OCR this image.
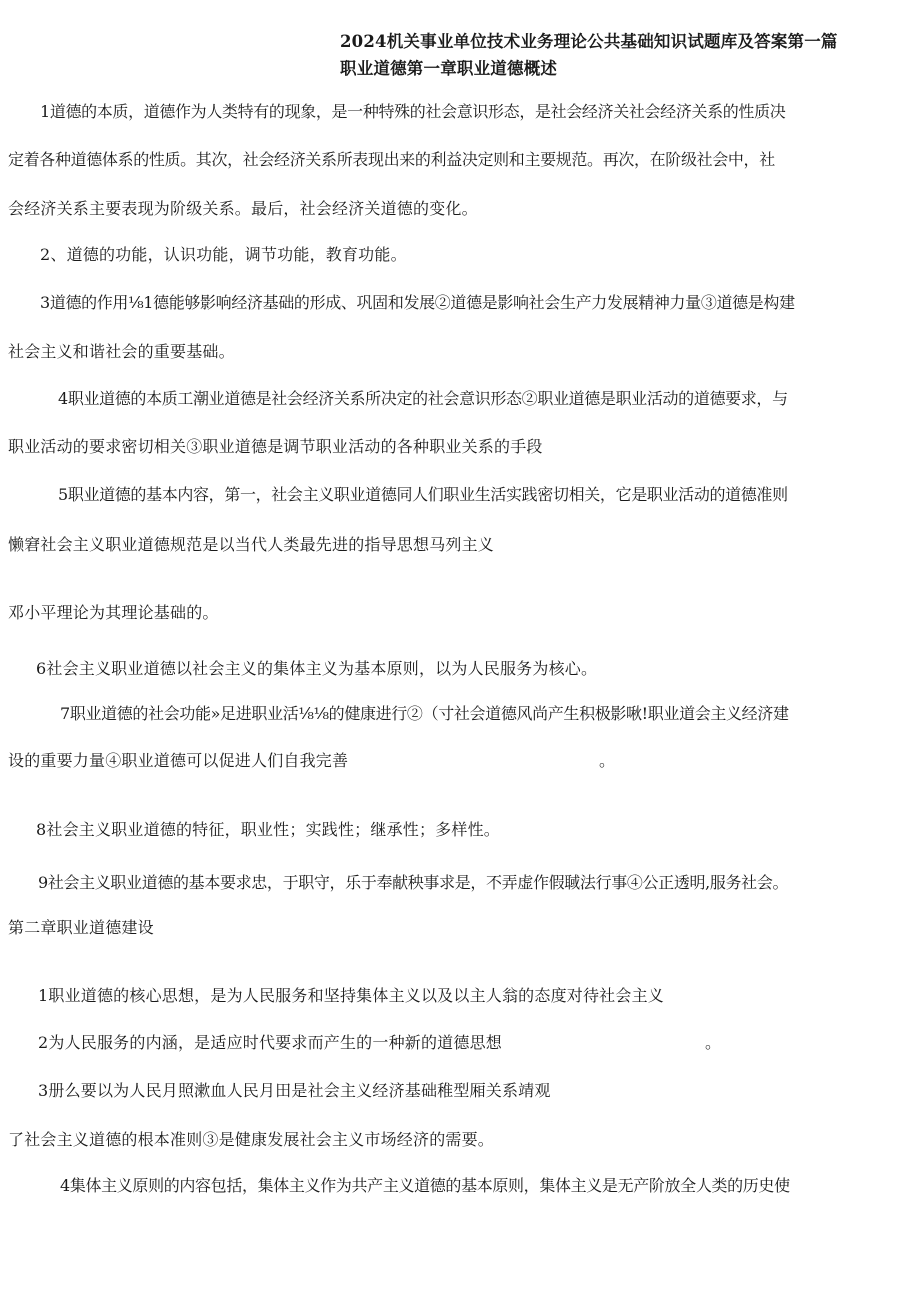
2024机关事业单位技术业务理论公共基础知识试题库及答案第一篇
职业道德第一章职业道德概述
1道德的本质，道德作为人类特有的现象，是一种特殊的社会意识形态，是社会经济关社会经济关系的性质决
定着各种道德体系的性质。其次，社会经济关系所表现出来的利益决定则和主要规范。再次，在阶级社会中，社
会经济关系主要表现为阶级关系。最后，社会经济关道德的变化。
2、道德的功能，认识功能，调节功能，教育功能。
3道德的作用⅛1德能够影响经济基础的形成、巩固和发展②道德是影响社会生产力发展精神力量③道德是构建
社会主义和谐社会的重要基础。
4职业道德的本质工潮业道德是社会经济关系所决定的社会意识形态②职业道德是职业活动的道德要求，与
职业活动的要求密切相关③职业道德是调节职业活动的各种职业关系的手段
5职业道德的基本内容，第一，社会主义职业道德同人们职业生活实践密切相关，它是职业活动的道德准则
懒窘社会主义职业道德规范是以当代人类最先进的指导思想马列主义
邓小平理论为其理论基础的。
6社会主义职业道德以社会主义的集体主义为基本原则，以为人民服务为核心。
7职业道德的社会功能»足进职业活⅛⅛的健康进行②（寸社会道德风尚产生积极影啾!职业道会主义经济建
设的重要力量④职业道德可以促进人们自我完善	。
8社会主义职业道德的特征，职业性；实践性；继承性；多样性。
9社会主义职业道德的基本要求忠，于职守，乐于奉献秧事求是，不弄虚作假聝法行事④公正透明,服务社会。
第二章职业道德建设
1职业道德的核心思想，是为人民服务和坚持集体主义以及以主人翁的态度对待社会主义
2为人民服务的内涵，是适应时代要求而产生的一种新的道德思想	。
3册么要以为人民月照漱血人民月田是社会主义经济基础稚型厢关系靖观
了社会主义道德的根本准则③是健康发展社会主义市场经济的需要。
4集体主义原则的内容包括，集体主义作为共产主义道德的基本原则，集体主义是无产阶放全人类的历史使
